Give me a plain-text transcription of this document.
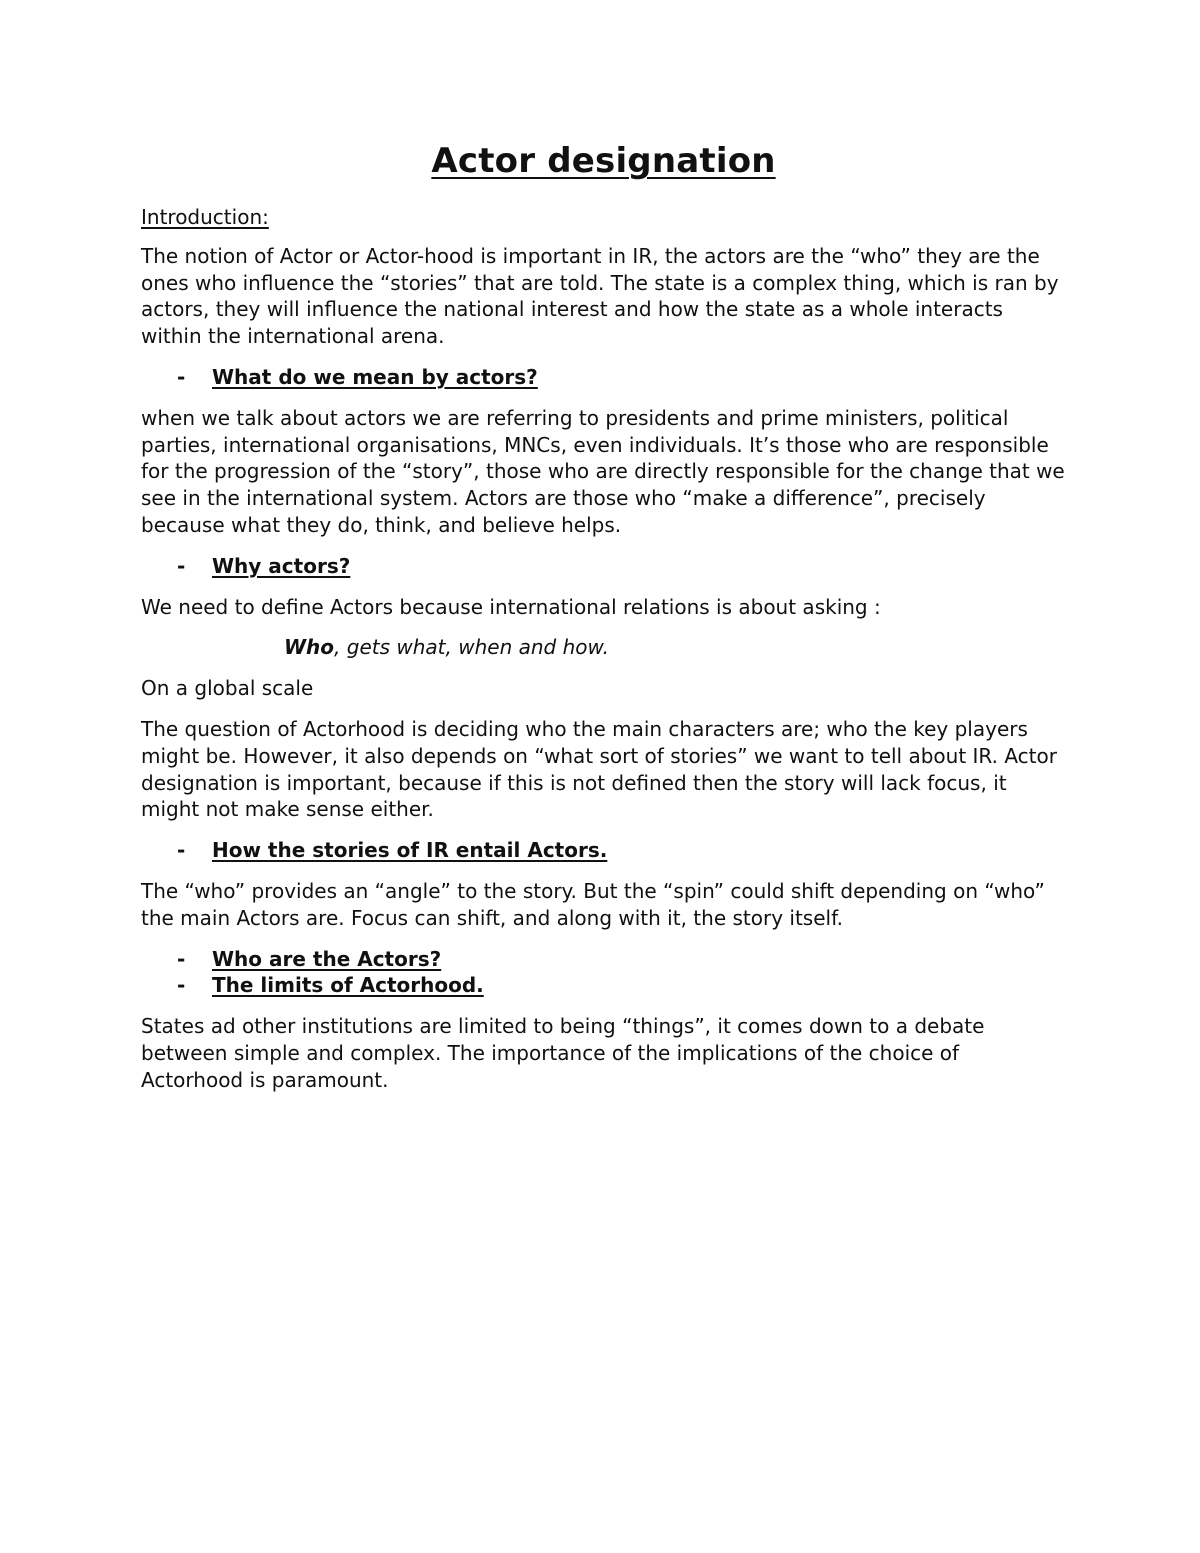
Actor designation

Introduction:

The notion of Actor or Actor-hood is important in IR, the actors are the “who” they are the ones who influence the “stories” that are told. The state is a complex thing, which is ran by actors, they will influence the national interest and how the state as a whole interacts within the international arena.

-	What do we mean by actors?

when we talk about actors we are referring to presidents and prime ministers, political parties, international organisations, MNCs, even individuals. It’s those who are responsible for the progression of the “story”, those who are directly responsible for the change that we see in the international system. Actors are those who “make a difference”, precisely because what they do, think, and believe helps.

-	Why actors?

We need to define Actors because international relations is about asking :

Who, gets what, when and how.

On a global scale

The question of Actorhood is deciding who the main characters are; who the key players might be. However, it also depends on “what sort of stories” we want to tell about IR. Actor designation is important, because if this is not defined then the story will lack focus, it might not make sense either.

-	How the stories of IR entail Actors.

The “who” provides an “angle” to the story. But the “spin” could shift depending on “who” the main Actors are. Focus can shift, and along with it, the story itself.

-	Who are the Actors?
-	The limits of Actorhood.

States ad other institutions are limited to being “things”, it comes down to a debate between simple and complex. The importance of the implications of the choice of Actorhood is paramount.
